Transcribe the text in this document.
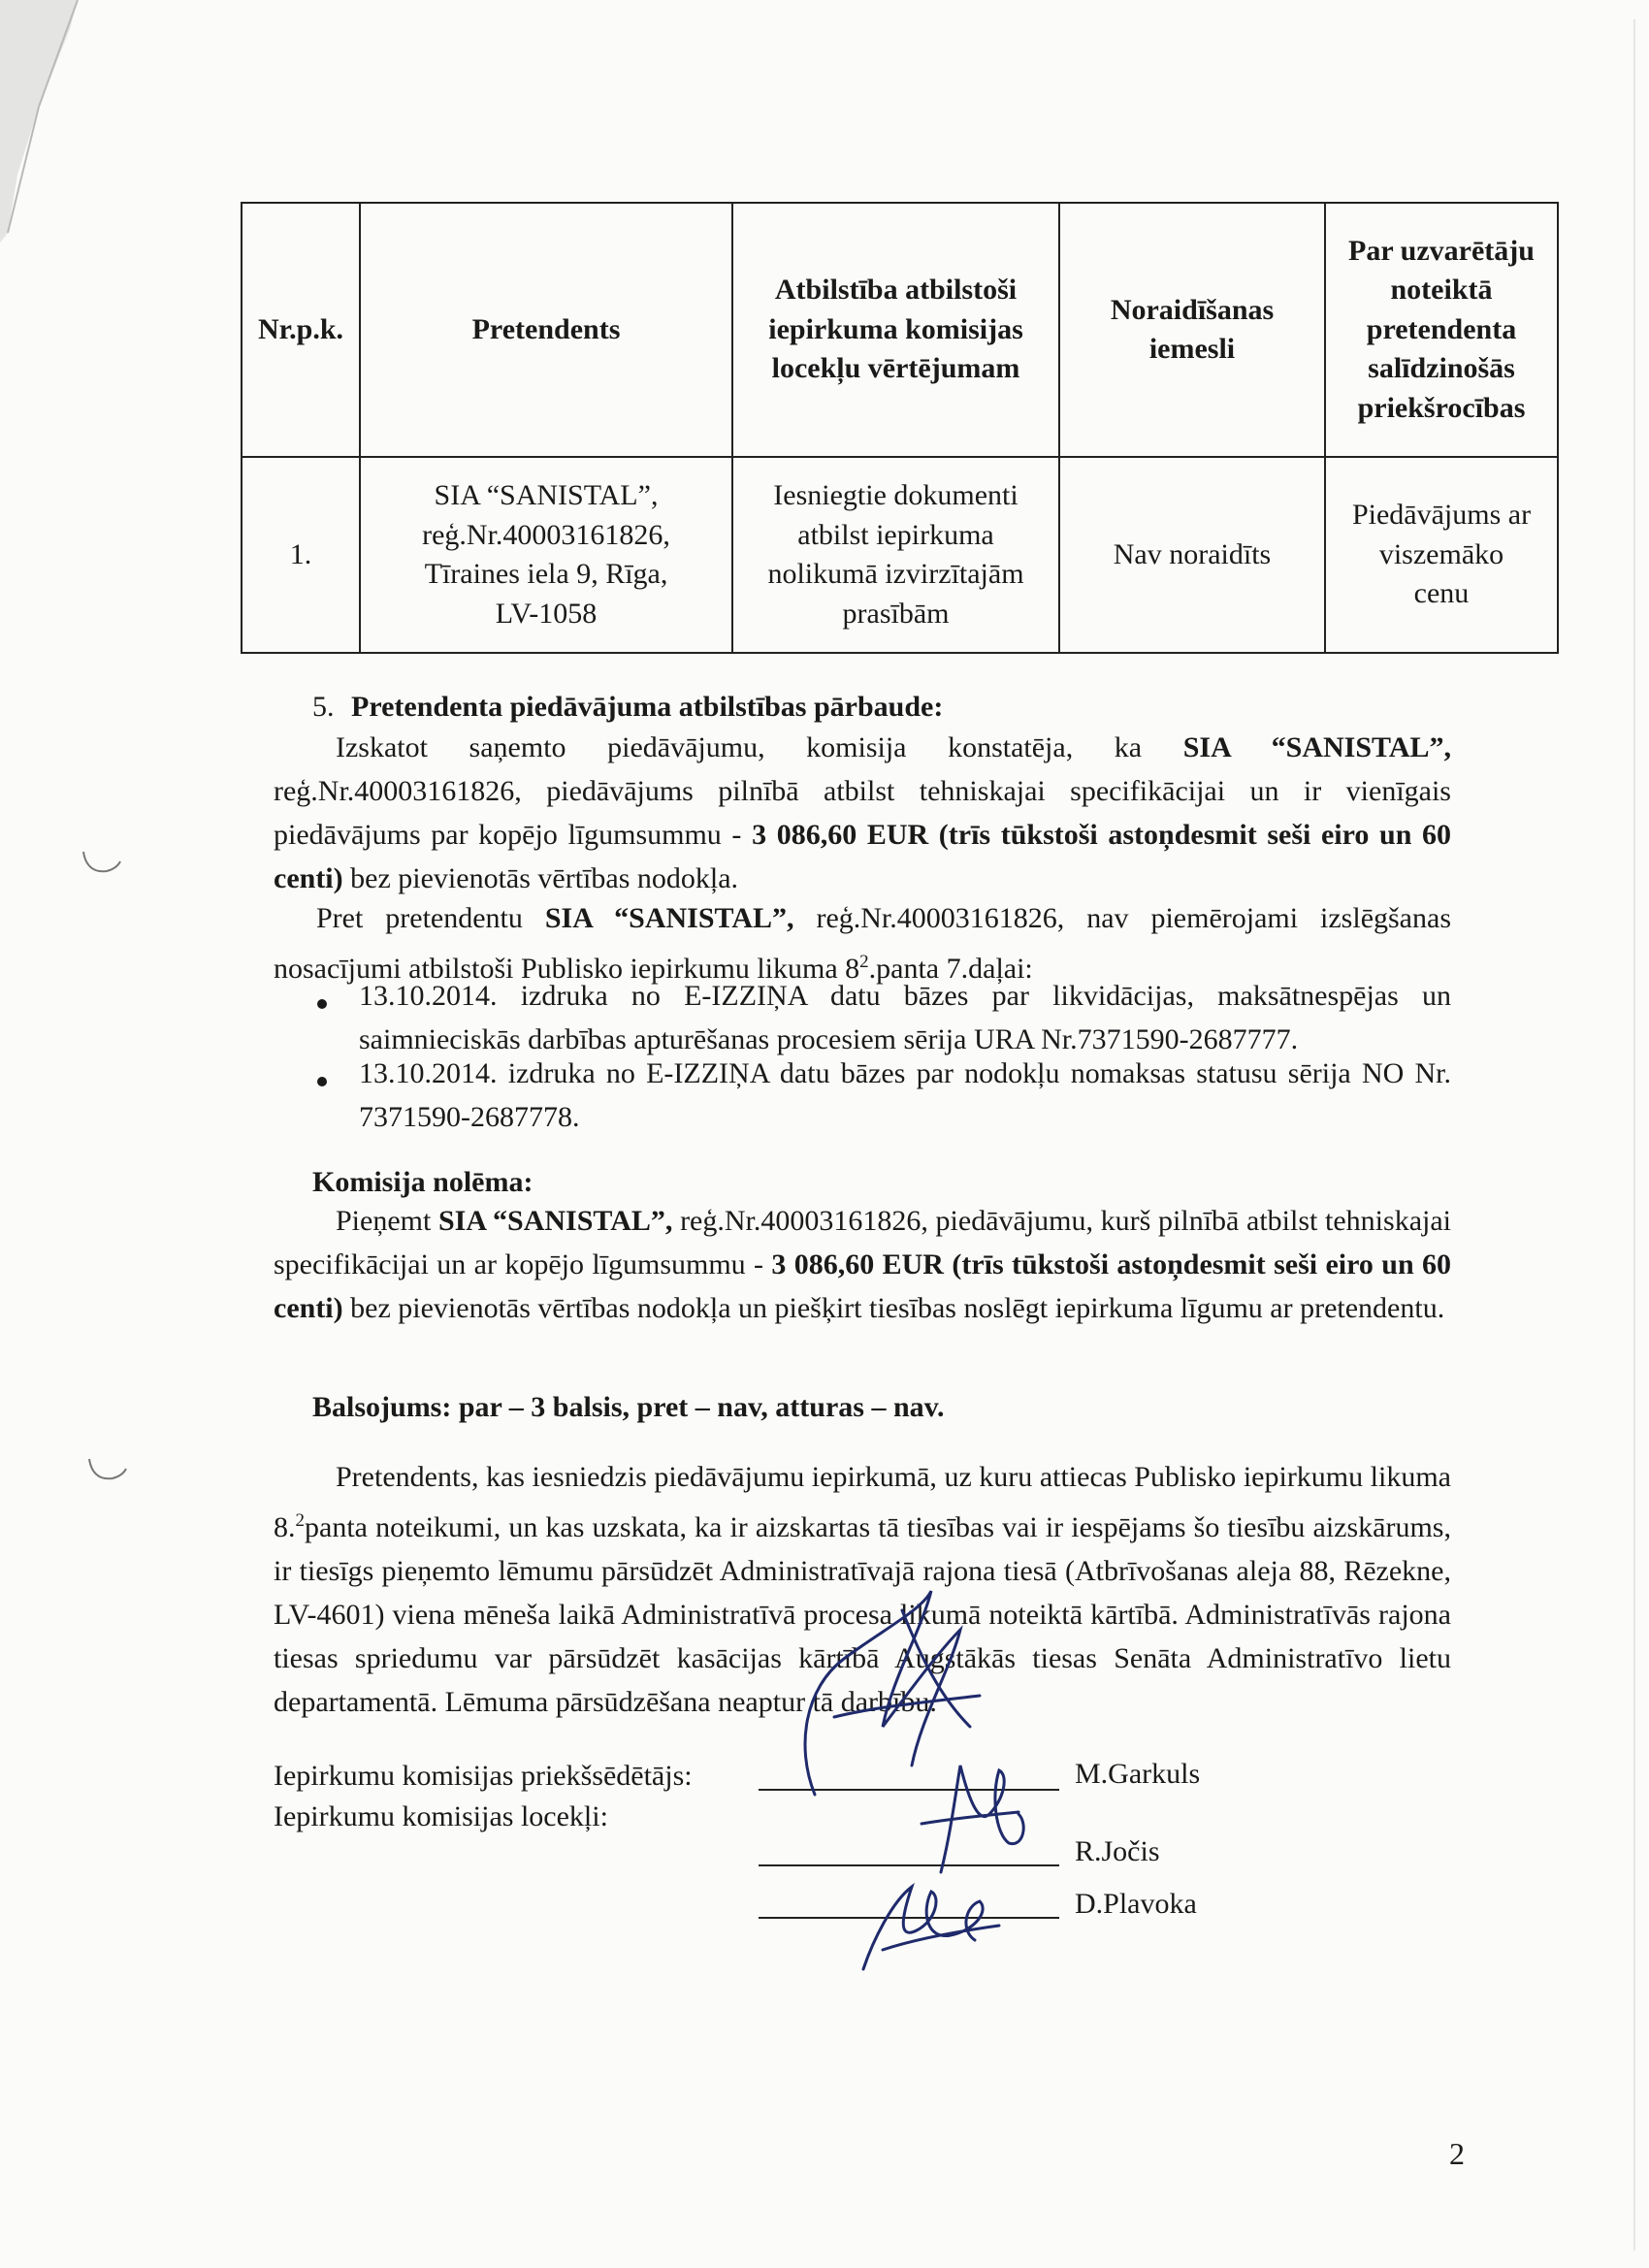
Nr.p.k.	Pretendents	Atbilstība atbilstoši iepirkuma komisijas locekļu vērtējumam	Noraidīšanas iemesli	Par uzvarētāju noteiktā pretendenta salīdzinošās priekšrocības
1.	SIA “SANISTAL”,
reģ.Nr.40003161826,
Tīraines iela 9, Rīga,
LV-1058	Iesniegtie dokumenti
atbilst iepirkuma
nolikumā izvirzītajām
prasībām	Nav noraidīts	Piedāvājums ar
viszemāko
cenu
5. Pretendenta piedāvājuma atbilstības pārbaude:
Izskatot saņemto piedāvājumu, komisija konstatēja, ka SIA “SANISTAL”, reģ.Nr.40003161826, piedāvājums pilnībā atbilst tehniskajai specifikācijai un ir vienīgais piedāvājums par kopējo līgumsummu - 3 086,60 EUR (trīs tūkstoši astoņdesmit seši eiro un 60 centi) bez pievienotās vērtības nodokļa.
Pret pretendentu SIA “SANISTAL”, reģ.Nr.40003161826, nav piemērojami izslēgšanas nosacījumi atbilstoši Publisko iepirkumu likuma $8^2.panta$ 7.daļai:
13.10.2014. izdruka no E-IZZIŅA datu bāzes par likvidācijas, maksātnespējas un saimnieciskās darbības apturēšanas procesiem sērija URA Nr.7371590-2687777.
13.10.2014. izdruka no E-IZZIŅA datu bāzes par nodokļu nomaksas statusu sērija NO Nr. 7371590-2687778.
Komisija nolēma:
Pieņemt SIA “SANISTAL”, reģ.Nr.40003161826, piedāvājumu, kurš pilnībā atbilst tehniskajai specifikācijai un ar kopējo līgumsummu - 3 086,60 EUR (trīs tūkstoši astoņdesmit seši eiro un 60 centi) bez pievienotās vērtības nodokļa un piešķirt tiesības noslēgt iepirkuma līgumu ar pretendentu.
Balsojums: par – 3 balsis, pret – nav, atturas – nav.
Pretendents, kas iesniedzis piedāvājumu iepirkumā, uz kuru attiecas Publisko iepirkumu likuma 8.$^2$panta noteikumi, un kas uzskata, ka ir aizskartas tā tiesības vai ir iespējams šo tiesību aizskārums, ir tiesīgs pieņemto lēmumu pārsūdzēt Administratīvajā rajona tiesā (Atbrīvošanas aleja 88, Rēzekne, LV-4601) viena mēneša laikā Administratīvā procesa likumā noteiktā kārtībā. Administratīvās rajona tiesas spriedumu var pārsūdzēt kasācijas kārtībā Augstākās tiesas Senāta Administratīvo lietu departamentā. Lēmuma pārsūdzēšana neaptur tā darbību.
Iepirkumu komisijas priekšsēdētājs:
Iepirkumu komisijas locekļi:
M.Garkuls
R.Jočis
D.Plavoka
2
